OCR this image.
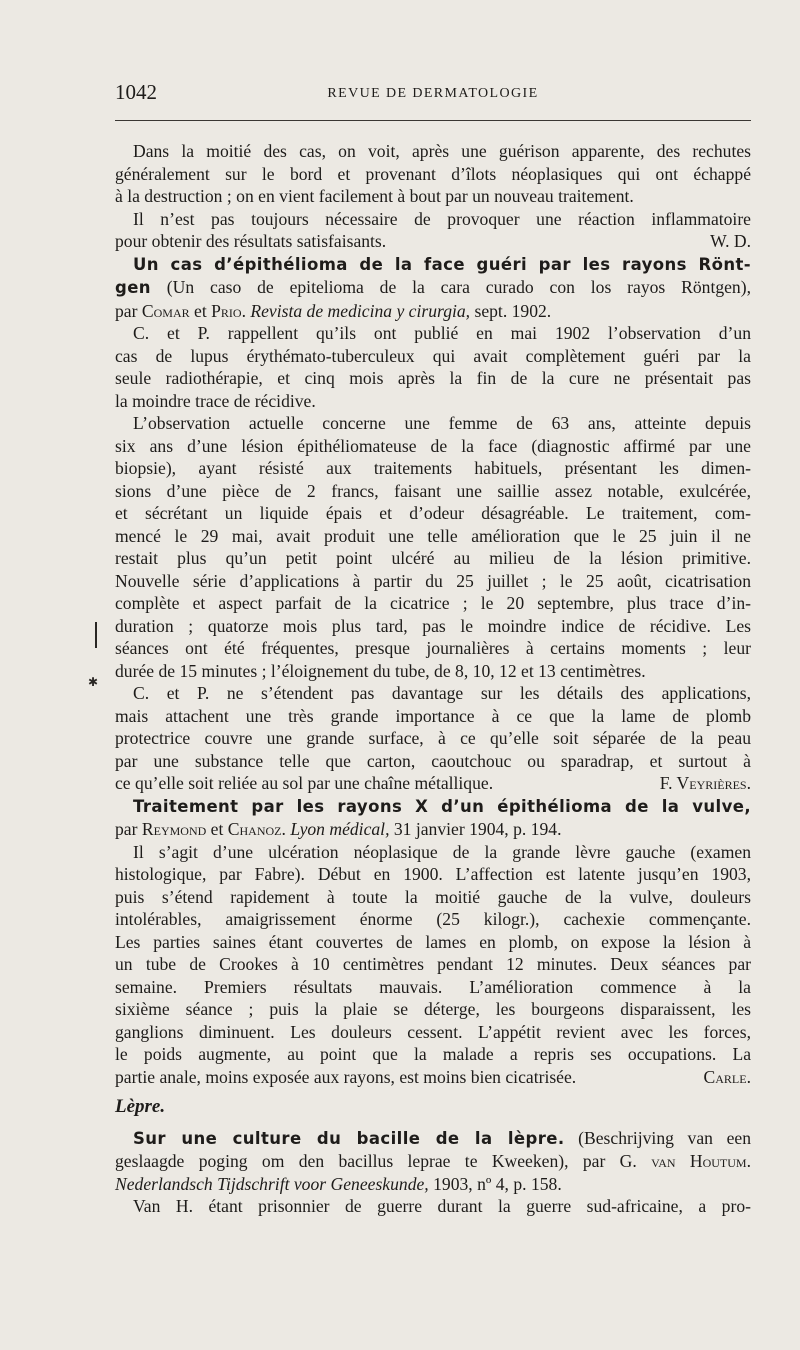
1042	REVUE DE DERMATOLOGIE
✱

Dans la moitié des cas, on voit, après une guérison apparente, des rechutes

généralement sur le bord et provenant d’îlots néoplasiques qui ont échappé

à la destruction ; on en vient facilement à bout par un nouveau traitement.

Il n’est pas toujours nécessaire de provoquer une réaction inflammatoire

pour obtenir des résultats satisfaisants.	W. D.

Un cas d’épithélioma de la face guéri par les rayons Rönt-

gen (Un caso de epitelioma de la cara curado con los rayos Röntgen),

par Comar et Prio. Revista de medicina y cirurgia, sept. 1902.

C. et P. rappellent qu’ils ont publié en mai 1902 l’observation d’un

cas de lupus érythémato-tuberculeux qui avait complètement guéri par la

seule radiothérapie, et cinq mois après la fin de la cure ne présentait pas

la moindre trace de récidive.

L’observation actuelle concerne une femme de 63 ans, atteinte depuis

six ans d’une lésion épithéliomateuse de la face (diagnostic affirmé par une

biopsie), ayant résisté aux traitements habituels, présentant les dimen-

sions d’une pièce de 2 francs, faisant une saillie assez notable, exulcérée,

et sécrétant un liquide épais et d’odeur désagréable. Le traitement, com-

mencé le 29 mai, avait produit une telle amélioration que le 25 juin il ne

restait plus qu’un petit point ulcéré au milieu de la lésion primitive.

Nouvelle série d’applications à partir du 25 juillet ; le 25 août, cicatrisation

complète et aspect parfait de la cicatrice ; le 20 septembre, plus trace d’in-

duration ; quatorze mois plus tard, pas le moindre indice de récidive. Les

séances ont été fréquentes, presque journalières à certains moments ; leur

durée de 15 minutes ; l’éloignement du tube, de 8, 10, 12 et 13 centimètres.

C. et P. ne s’étendent pas davantage sur les détails des applications,

mais attachent une très grande importance à ce que la lame de plomb

protectrice couvre une grande surface, à ce qu’elle soit séparée de la peau

par une substance telle que carton, caoutchouc ou sparadrap, et surtout à

ce qu’elle soit reliée au sol par une chaîne métallique.	F. Veyrières.

Traitement par les rayons X d’un épithélioma de la vulve,

par Reymond et Chanoz. Lyon médical, 31 janvier 1904, p. 194.

Il s’agit d’une ulcération néoplasique de la grande lèvre gauche (examen

histologique, par Fabre). Début en 1900. L’affection est latente jusqu’en 1903,

puis s’étend rapidement à toute la moitié gauche de la vulve, douleurs

intolérables, amaigrissement énorme (25 kilogr.), cachexie commençante.

Les parties saines étant couvertes de lames en plomb, on expose la lésion à

un tube de Crookes à 10 centimètres pendant 12 minutes. Deux séances par

semaine. Premiers résultats mauvais. L’amélioration commence à la

sixième séance ; puis la plaie se déterge, les bourgeons disparaissent, les

ganglions diminuent. Les douleurs cessent. L’appétit revient avec les forces,

le poids augmente, au point que la malade a repris ses occupations. La

partie anale, moins exposée aux rayons, est moins bien cicatrisée.	Carle.

Lèpre.

Sur une culture du bacille de la lèpre. (Beschrijving van een

geslaagde poging om den bacillus leprae te Kweeken), par G. van Houtum.

Nederlandsch Tijdschrift voor Geneeskunde, 1903, nº 4, p. 158.

Van H. étant prisonnier de guerre durant la guerre sud-africaine, a pro-
